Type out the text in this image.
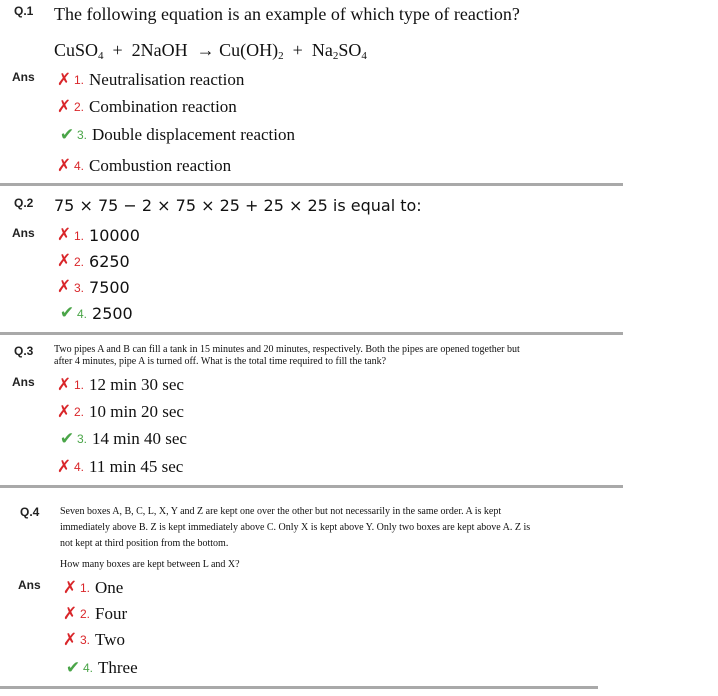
Q.1 The following equation is an example of which type of reaction?
CuSO$_4$ + 2NaOH → $Cu(OH)_2 + Na_2SO_4$
Ans ✗ 1. Neutralisation reaction
✗ 2. Combination reaction
✔ 3. Double displacement reaction
✗ 4. Combustion reaction
Q.2 75 × 75 − 2 × 75 × 25 + 25 × 25 is equal to:
Ans ✗ 1. 10000
✗ 2. 6250
✗ 3. 7500
✔ 4. 2500
Q.3 Two pipes A and B can fill a tank in 15 minutes and 20 minutes, respectively. Both the pipes are opened together but
after 4 minutes, pipe A is turned off. What is the total time required to fill the tank?
Ans ✗ 1. 12 min 30 sec
✗ 2. 10 min 20 sec
✔ 3. 14 min 40 sec
✗ 4. 11 min 45 sec
Q.4 Seven boxes A, B, C, L, X, Y and Z are kept one over the other but not necessarily in the same order. A is kept
immediately above B. Z is kept immediately above C. Only X is kept above Y. Only two boxes are kept above A. Z is
not kept at third position from the bottom.
How many boxes are kept between L and X?
Ans ✗ 1. One
✗ 2. Four
✗ 3. Two
✔ 4. Three
